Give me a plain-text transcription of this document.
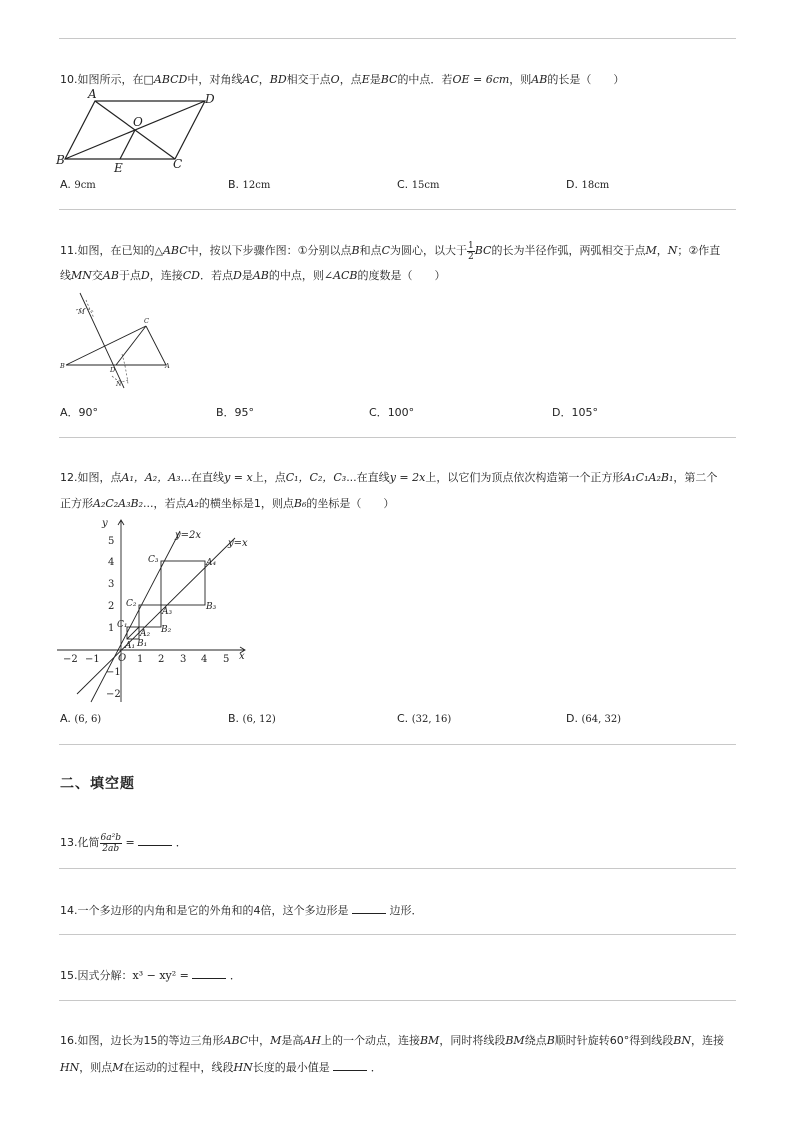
10.如图所示，在□ABCD中，对角线AC，BD相交于点O，点E是BC的中点．若OE = 6cm，则AB的长是（　　）
A	D
O
B
E	C
A. 9cm	B. 12cm	C. 15cm	D. 18cm
11.如图，在已知的△ABC中，按以下步骤作图：①分别以点B和点C为圆心，以大于 $\frac{1}{2}$ BC的长为半径作弧，两弧相交于点M，N；②作直
线MN交AB于点D，连接CD．若点D是AB的中点，则∠ACB的度数是（　　）
M
C
B	D	A
N
A．90°	B．95°	C．100°	D．105°
12.如图，点A₁，A₂，A₃...在直线y = x上，点C₁，C₂，C₃...在直线y = 2x上，以它们为顶点依次构造第一个正方形A₁C₁A₂B₁，第二个
正方形A₂C₂A₃B₂...，若点A₂的横坐标是1，则点B₆的坐标是（　　）
y
x
y=2x
y=x
O
−2 −1	1 2 3 4 5
5
4
3
2
1
−1
−2
C₃	A₄
C₂	B₃
A₃
C₁	B₂
A₂
A₁ B₁
A. (6, 6)	B. (6, 12)	C. (32, 16)	D. (64, 32)
二、填空题
13.化简 $\frac{\text{6a²b}}{2ab}$ =	．
14.一个多边形的内角和是它的外角和的4倍，这个多边形是	边形．
15.因式分解：x³ − xy² =	．
16.如图，边长为15的等边三角形ABC中，M是高AH上的一个动点，连接BM，同时将线段BM绕点B顺时针旋转60°得到线段BN，连接
HN，则点M在运动的过程中，线段HN长度的最小值是	．
